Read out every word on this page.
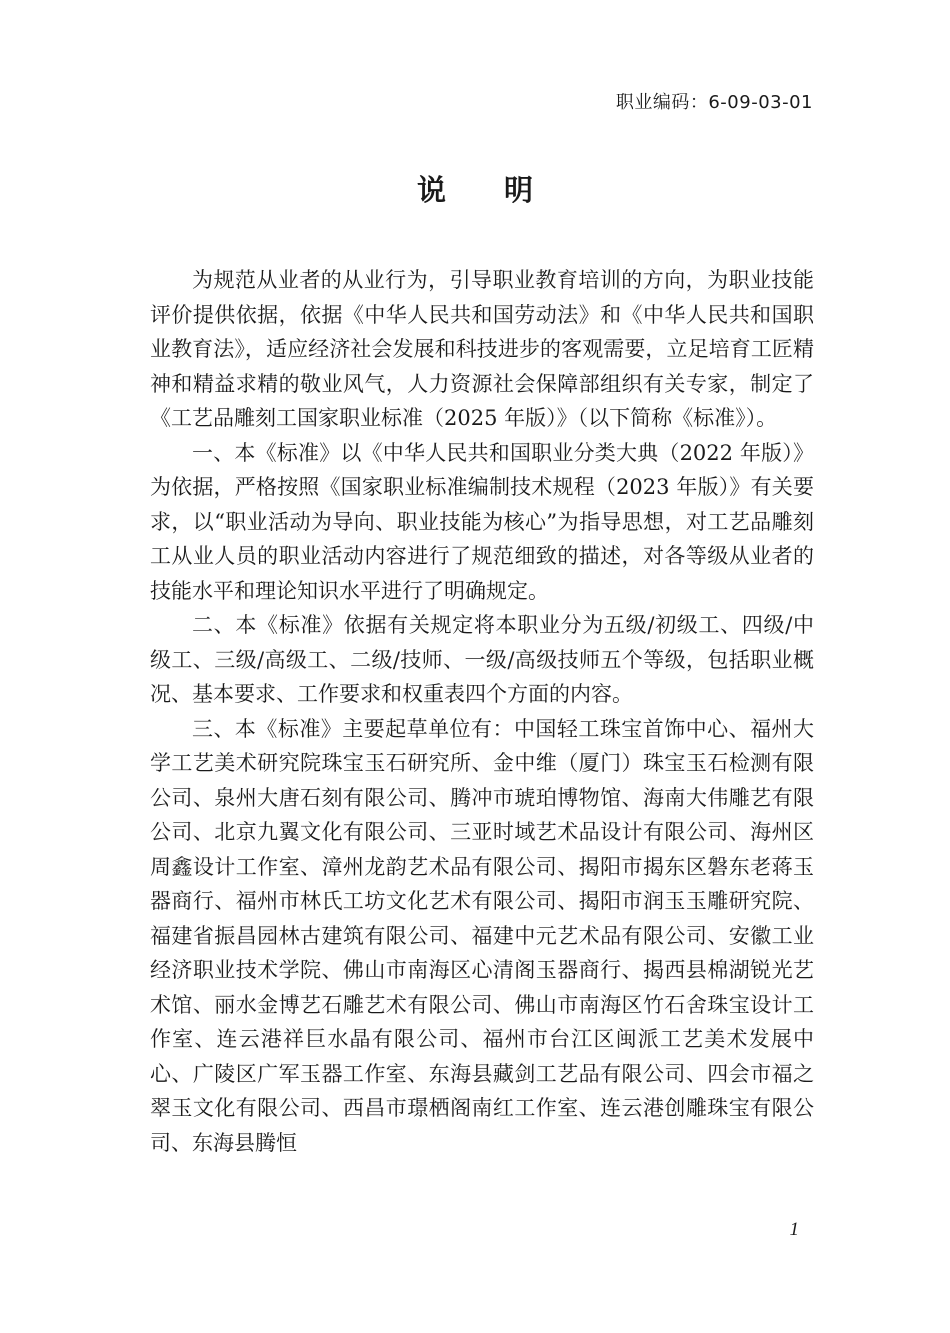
职业编码：6-09-03-01
说明

为规范从业者的从业行为，引导职业教育培训的方向，为职业技能评价提供依据，依据《中华人民共和国劳动法》和《中华人民共和国职业教育法》，适应经济社会发展和科技进步的客观需要，立足培育工匠精神和精益求精的敬业风气，人力资源社会保障部组织有关专家，制定了《工艺品雕刻工国家职业标准（2025 年版）》（以下简称《标准》）。

一、本《标准》以《中华人民共和国职业分类大典（2022 年版）》为依据，严格按照《国家职业标准编制技术规程（2023 年版）》有关要求，以“职业活动为导向、职业技能为核心”为指导思想，对工艺品雕刻工从业人员的职业活动内容进行了规范细致的描述，对各等级从业者的技能水平和理论知识水平进行了明确规定。

二、本《标准》依据有关规定将本职业分为五级/初级工、四级/中级工、三级/高级工、二级/技师、一级/高级技师五个等级，包括职业概况、基本要求、工作要求和权重表四个方面的内容。

三、本《标准》主要起草单位有：中国轻工珠宝首饰中心、福州大学工艺美术研究院珠宝玉石研究所、金中维（厦门）珠宝玉石检测有限公司、泉州大唐石刻有限公司、腾冲市琥珀博物馆、海南大伟雕艺有限公司、北京九翼文化有限公司、三亚时域艺术品设计有限公司、海州区周鑫设计工作室、漳州龙韵艺术品有限公司、揭阳市揭东区磐东老蒋玉器商行、福州市林氏工坊文化艺术有限公司、揭阳市润玉玉雕研究院、福建省振昌园林古建筑有限公司、福建中元艺术品有限公司、安徽工业经济职业技术学院、佛山市南海区心清阁玉器商行、揭西县棉湖锐光艺术馆、丽水金博艺石雕艺术有限公司、佛山市南海区竹石舍珠宝设计工作室、连云港祥巨水晶有限公司、福州市台江区闽派工艺美术发展中心、广陵区广军玉器工作室、东海县藏剑工艺品有限公司、四会市福之翠玉文化有限公司、西昌市璟栖阁南红工作室、连云港创雕珠宝有限公司、东海县腾恒

1
